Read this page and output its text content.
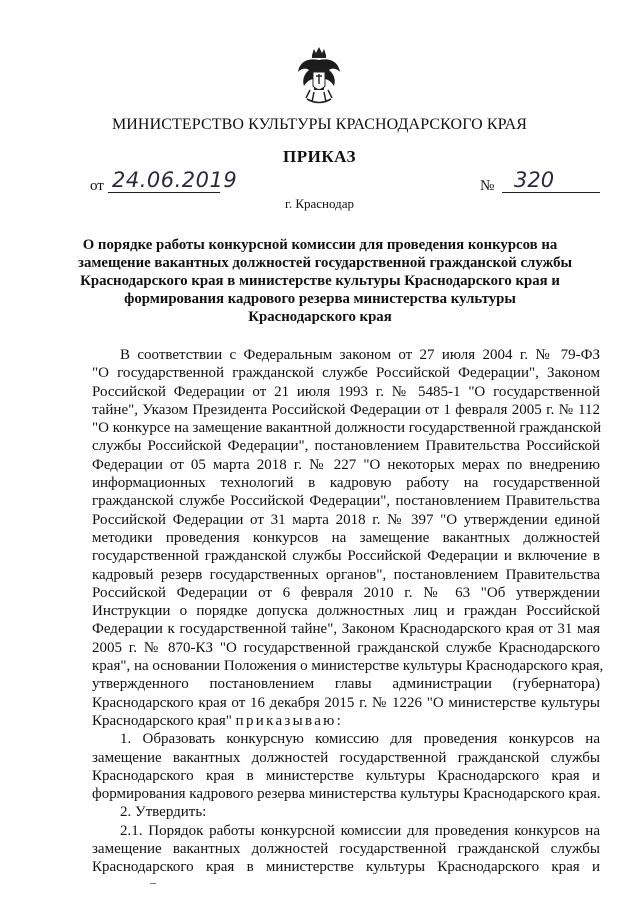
МИНИСТЕРСТВО КУЛЬТУРЫ КРАСНОДАРСКОГО КРАЯ
ПРИКАЗ
от 24.06.2019	№ 320
г. Краснодар
О порядке работы конкурсной комиссии для проведения конкурсов на
замещение вакантных должностей государственной гражданской службы
Краснодарского края в министерстве культуры Краснодарского края и
формирования кадрового резерва министерства культуры
Краснодарского края
В соответствии с Федеральным законом от 27 июля 2004 г. № 79-ФЗ
"О государственной гражданской службе Российской Федерации", Законом
Российской Федерации от 21 июля 1993 г. № 5485-1 "О государственной
тайне", Указом Президента Российской Федерации от 1 февраля 2005 г. № 112
"О конкурсе на замещение вакантной должности государственной гражданской
службы Российской Федерации", постановлением Правительства Российской
Федерации от 05 марта 2018 г. № 227 "О некоторых мерах по внедрению
информационных технологий в кадровую работу на государственной
гражданской службе Российской Федерации", постановлением Правительства
Российской Федерации от 31 марта 2018 г. № 397 "О утверждении единой
методики проведения конкурсов на замещение вакантных должностей
государственной гражданской службы Российской Федерации и включение в
кадровый резерв государственных органов", постановлением Правительства
Российской Федерации от 6 февраля 2010 г. № 63 "Об утверждении
Инструкции о порядке допуска должностных лиц и граждан Российской
Федерации к государственной тайне", Законом Краснодарского края от 31 мая
2005 г. № 870-КЗ "О государственной гражданской службе Краснодарского
края", на основании Положения о министерстве культуры Краснодарского края,
утвержденного постановлением главы администрации (губернатора)
Краснодарского края от 16 декабря 2015 г. № 1226 "О министерстве культуры
Краснодарского края" приказываю:
1. Образовать конкурсную комиссию для проведения конкурсов на
замещение вакантных должностей государственной гражданской службы
Краснодарского края в министерстве культуры Краснодарского края и
формирования кадрового резерва министерства культуры Краснодарского края.
2. Утвердить:
2.1. Порядок работы конкурсной комиссии для проведения конкурсов на
замещение вакантных должностей государственной гражданской службы
Краснодарского края в министерстве культуры Краснодарского края и
